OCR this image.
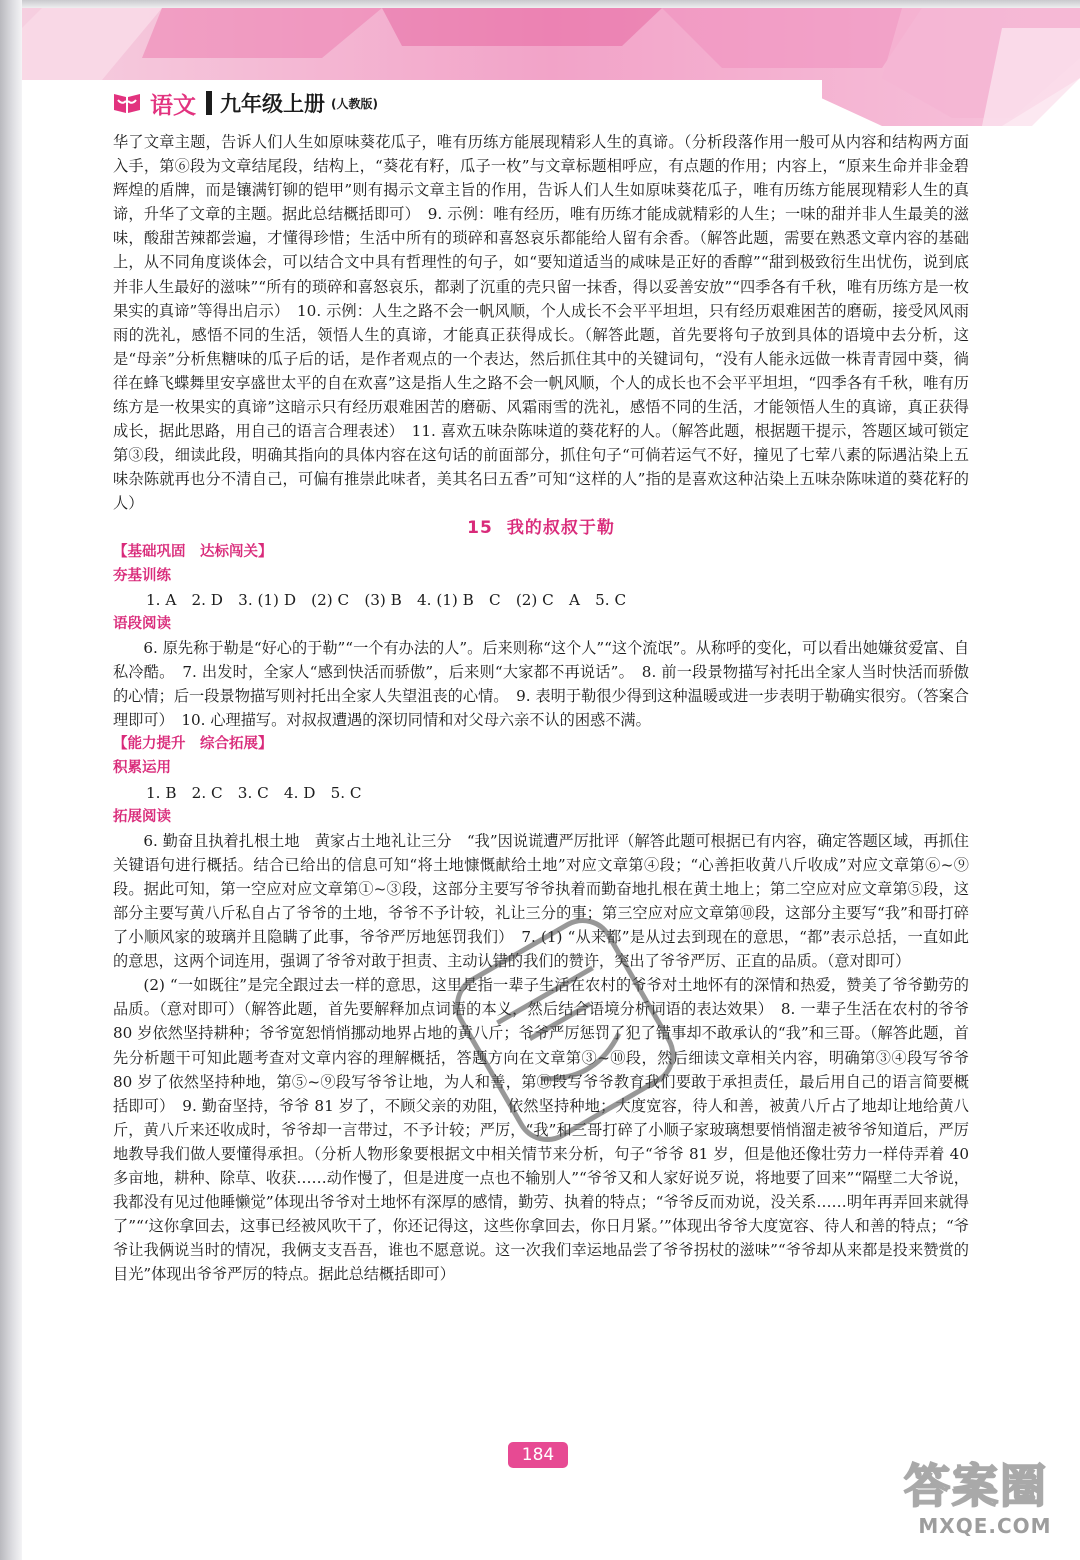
语文 九年级上册 (人教版)

华了文章主题，告诉人们人生如原味葵花瓜子，唯有历练方能展现精彩人生的真谛。（分析段落作用一般可从内容和结构两方面入手，第⑥段为文章结尾段，结构上，“葵花有籽，瓜子一枚”与文章标题相呼应，有点题的作用；内容上，“原来生命并非金碧辉煌的盾牌，而是镶满钉铆的铠甲”则有揭示文章主旨的作用，告诉人们人生如原味葵花瓜子，唯有历练方能展现精彩人生的真谛，升华了文章的主题。据此总结概括即可）　9. 示例：唯有经历，唯有历练才能成就精彩的人生；一味的甜并非人生最美的滋味，酸甜苦辣都尝遍，才懂得珍惜；生活中所有的琐碎和喜怒哀乐都能给人留有余香。（解答此题，需要在熟悉文章内容的基础上，从不同角度谈体会，可以结合文中具有哲理性的句子，如“要知道适当的咸味是正好的香醇”“甜到极致衍生出忧伤，说到底并非人生最好的滋味”“所有的琐碎和喜怒哀乐，都剥了沉重的壳只留一抹香，得以妥善安放”“四季各有千秋，唯有历练方是一枚果实的真谛”等得出启示）　10. 示例：人生之路不会一帆风顺，个人成长不会平平坦坦，只有经历艰难困苦的磨砺，接受风风雨雨的洗礼，感悟不同的生活，领悟人生的真谛，才能真正获得成长。（解答此题，首先要将句子放到具体的语境中去分析，这是“母亲”分析焦糖味的瓜子后的话，是作者观点的一个表达，然后抓住其中的关键词句，“没有人能永远做一株青青园中葵，徜徉在蜂飞蝶舞里安享盛世太平的自在欢喜”这是指人生之路不会一帆风顺，个人的成长也不会平平坦坦，“四季各有千秋，唯有历练方是一枚果实的真谛”这暗示只有经历艰难困苦的磨砺、风霜雨雪的洗礼，感悟不同的生活，才能领悟人生的真谛，真正获得成长，据此思路，用自己的语言合理表述）　11. 喜欢五味杂陈味道的葵花籽的人。（解答此题，根据题干提示，答题区域可锁定第③段，细读此段，明确其指向的具体内容在这句话的前面部分，抓住句子“可倘若运气不好，撞见了七荤八素的际遇沾染上五味杂陈就再也分不清自己，可偏有推崇此味者，美其名曰五香”可知“这样的人”指的是喜欢这种沾染上五味杂陈味道的葵花籽的人）

15 我的叔叔于勒

【基础巩固　达标闯关】

夯基训练

1. A　2. D　3. (1) D　(2) C　(3) B　4. (1) B　C　(2) C　A　5. C

语段阅读

6. 原先称于勒是“好心的于勒”“一个有办法的人”。后来则称“这个人”“这个流氓”。从称呼的变化，可以看出她嫌贫爱富、自私冷酷。　7. 出发时，全家人“感到快活而骄傲”，后来则“大家都不再说话”。　8. 前一段景物描写衬托出全家人当时快活而骄傲的心情；后一段景物描写则衬托出全家人失望沮丧的心情。　9. 表明于勒很少得到这种温暖或进一步表明于勒确实很穷。（答案合理即可）　10. 心理描写。对叔叔遭遇的深切同情和对父母六亲不认的困惑不满。

【能力提升　综合拓展】

积累运用

1. B　2. C　3. C　4. D　5. C

拓展阅读

6. 勤奋且执着扎根土地　黄家占土地礼让三分　“我”因说谎遭严厉批评（解答此题可根据已有内容，确定答题区域，再抓住关键语句进行概括。结合已给出的信息可知“将土地慷慨献给土地”对应文章第④段；“心善拒收黄八斤收成”对应文章第⑥~⑨段。据此可知，第一空应对应文章第①~③段，这部分主要写爷爷执着而勤奋地扎根在黄土地上；第二空应对应文章第⑤段，这部分主要写黄八斤私自占了爷爷的土地，爷爷不予计较，礼让三分的事；第三空应对应文章第⑩段，这部分主要写“我”和哥打碎了小顺风家的玻璃并且隐瞒了此事，爷爷严厉地惩罚我们）　7. (1) “从来都”是从过去到现在的意思，“都”表示总括，一直如此的意思，这两个词连用，强调了爷爷对敢于担责、主动认错的我们的赞许，突出了爷爷严厉、正直的品质。（意对即可）

(2) “一如既往”是完全跟过去一样的意思，这里是指一辈子生活在农村的爷爷对土地怀有的深情和热爱，赞美了爷爷勤劳的品质。（意对即可）（解答此题，首先要解释加点词语的本义，然后结合语境分析词语的表达效果）　8. 一辈子生活在农村的爷爷 80 岁依然坚持耕种；爷爷宽恕悄悄挪动地界占地的黄八斤；爷爷严厉惩罚了犯了错事却不敢承认的“我”和三哥。（解答此题，首先分析题干可知此题考查对文章内容的理解概括，答题方向在文章第③~⑩段，然后细读文章相关内容，明确第③④段写爷爷 80 岁了依然坚持种地，第⑤~⑨段写爷爷让地，为人和善，第⑩段写爷爷教育我们要敢于承担责任，最后用自己的语言简要概括即可）　9. 勤奋坚持，爷爷 81 岁了，不顾父亲的劝阻，依然坚持种地；大度宽容，待人和善，被黄八斤占了地却让地给黄八斤，黄八斤来还收成时，爷爷却一言带过，不予计较；严厉，“我”和三哥打碎了小顺子家玻璃想要悄悄溜走被爷爷知道后，严厉地教导我们做人要懂得承担。（分析人物形象要根据文中相关情节来分析，句子“爷爷 81 岁，但是他还像壮劳力一样侍弄着 40 多亩地，耕种、除草、收获……动作慢了，但是进度一点也不输别人”“爷爷又和人家好说歹说，将地要了回来”“隔壁二大爷说，我都没有见过他睡懒觉”体现出爷爷对土地怀有深厚的感情，勤劳、执着的特点；“爷爷反而劝说，没关系……明年再弄回来就得了”“‘这你拿回去，这事已经被风吹干了，你还记得这，这些你拿回去，你日月紧。’”体现出爷爷大度宽容、待人和善的特点；“爷爷让我俩说当时的情况，我俩支支吾吾，谁也不愿意说。这一次我们幸运地品尝了爷爷拐杖的滋味”“爷爷却从来都是投来赞赏的目光”体现出爷爷严厉的特点。据此总结概括即可）

184
答案圈
MXQE.COM
